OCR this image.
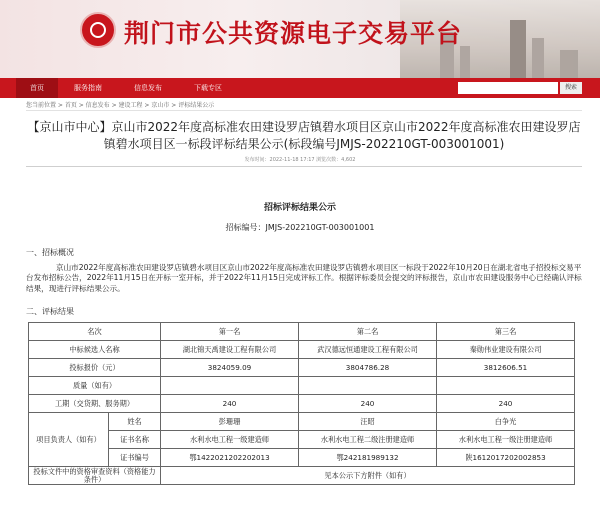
荆门市公共资源电子交易平台
首页	服务指南	信息发布	下载专区	搜索
您当前位置 > 首页 > 信息发布 > 建设工程 > 京山市 > 评标结果公示
【京山市中心】京山市2022年度高标准农田建设罗店镇碧水项目区京山市2022年度高标准农田建设罗店镇碧水项目区一标段评标结果公示(标段编号JMJS-202210GT-003001001)
发布时间：2022-11-18 17:17 浏览次数：4,602
招标评标结果公示
招标编号：JMJS-202210GT-003001001
一、招标概况
京山市2022年度高标准农田建设罗店镇碧水项目区京山市2022年度高标准农田建设罗店镇碧水项目区一标段于2022年10月20日在湖北省电子招投标交易平台发布招标公告，2022年11月15日在开标一室开标，并于2022年11月15日完成评标工作。根据评标委员会提交的评标报告，京山市农田建设服务中心已经确认评标结果，现进行评标结果公示。
二、评标结果
名次		第一名	第二名	第三名
中标候选人名称		湖北锦天禹建设工程有限公司	武汉德远恒通建设工程有限公司	秦勋伟业建设有限公司
投标报价（元）		3824059.09	3804786.28	3812606.51
质量（如有）				
工期（交货期、服务期）		240	240	240
项目负责人（如有）	姓名	彭珊珊	汪昭	白争光
	证书名称	水利水电工程一级建造师	水利水电工程二级注册建造师	水利水电工程一级注册建造师
	证书编号	鄂1422021202202013	鄂242181989132	陕1612017202002853
投标文件中的资格审查资料（资格能力条件）		见本公示下方附件（如有）		
